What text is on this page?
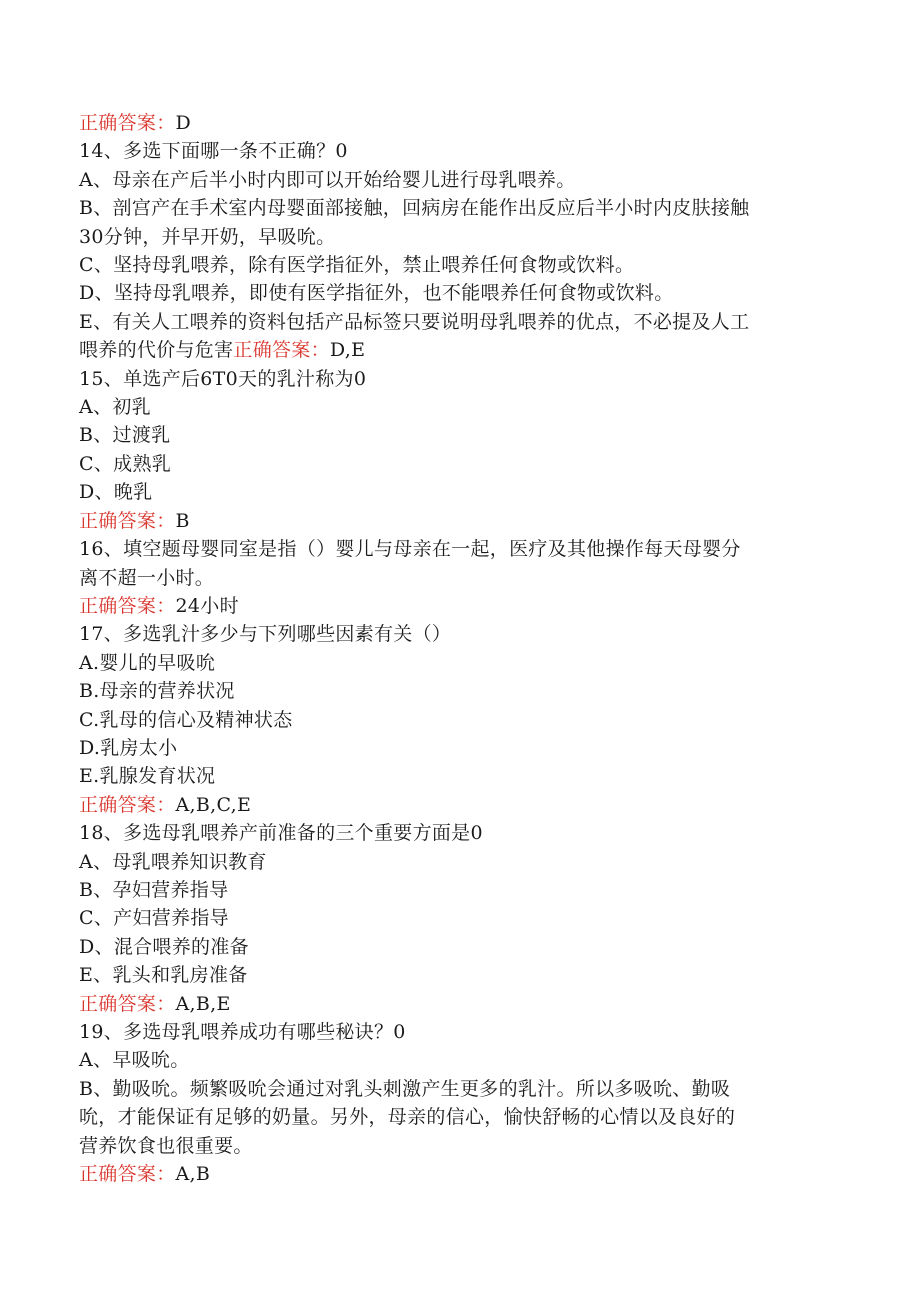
正确答案：D
14、多选下面哪一条不正确？0
A、母亲在产后半小时内即可以开始给婴儿进行母乳喂养。
B、剖宫产在手术室内母婴面部接触，回病房在能作出反应后半小时内皮肤接触
30分钟，并早开奶，早吸吮。
C、坚持母乳喂养，除有医学指征外，禁止喂养任何食物或饮料。
D、坚持母乳喂养，即使有医学指征外，也不能喂养任何食物或饮料。
E、有关人工喂养的资料包括产品标签只要说明母乳喂养的优点，不必提及人工
喂养的代价与危害正确答案：D,E
15、单选产后6T0天的乳汁称为0
A、初乳
B、过渡乳
C、成熟乳
D、晚乳
正确答案：B
16、填空题母婴同室是指（）婴儿与母亲在一起，医疗及其他操作每天母婴分
离不超一小时。
正确答案：24小时
17、多选乳汁多少与下列哪些因素有关（）
A.婴儿的早吸吮
B.母亲的营养状况
C.乳母的信心及精神状态
D.乳房太小
E.乳腺发育状况
正确答案：A,B,C,E
18、多选母乳喂养产前准备的三个重要方面是0
A、母乳喂养知识教育
B、孕妇营养指导
C、产妇营养指导
D、混合喂养的准备
E、乳头和乳房准备
正确答案：A,B,E
19、多选母乳喂养成功有哪些秘诀？0
A、早吸吮。
B、勤吸吮。频繁吸吮会通过对乳头刺激产生更多的乳汁。所以多吸吮、勤吸
吮，才能保证有足够的奶量。另外，母亲的信心，愉快舒畅的心情以及良好的
营养饮食也很重要。
正确答案：A,B
